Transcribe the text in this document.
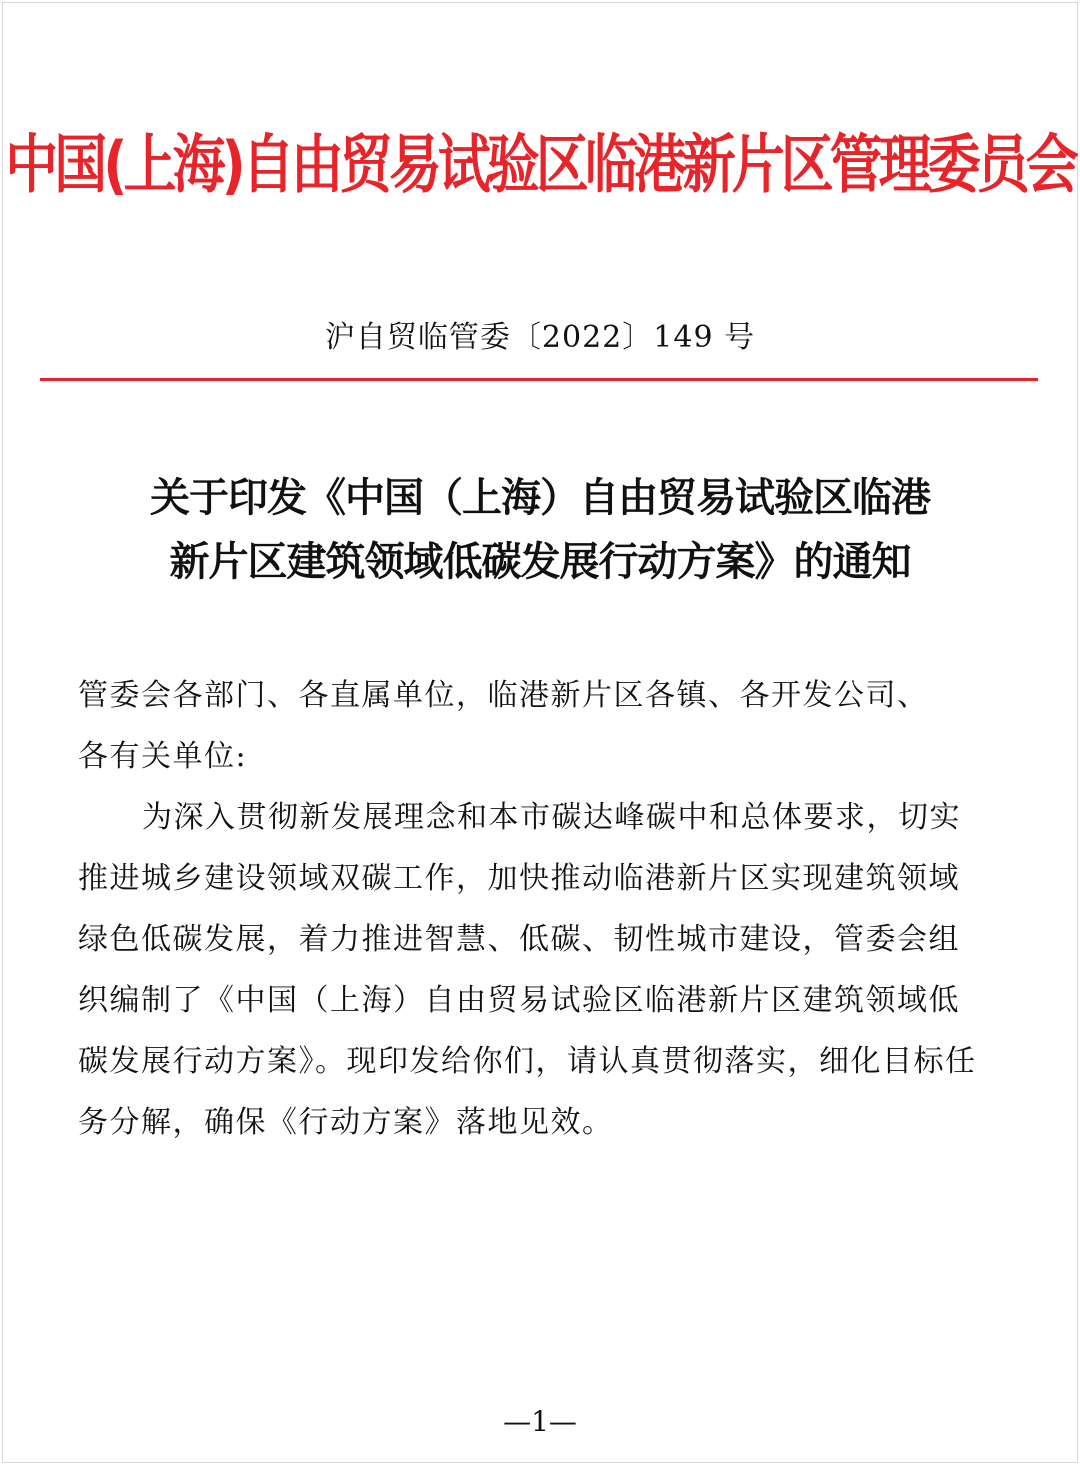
中国(上海)自由贸易试验区临港新片区管理委员会
沪自贸临管委〔2022〕149 号
关于印发《中国（上海）自由贸易试验区临港
新片区建筑领域低碳发展行动方案》的通知

管委会各部门、各直属单位，临港新片区各镇、各开发公司、
各有关单位:

为深入贯彻新发展理念和本市碳达峰碳中和总体要求，切实
推进城乡建设领域双碳工作，加快推动临港新片区实现建筑领域
绿色低碳发展，着力推进智慧、低碳、韧性城市建设，管委会组
织编制了《中国（上海）自由贸易试验区临港新片区建筑领域低
碳发展行动方案》。现印发给你们，请认真贯彻落实，细化目标任
务分解，确保《行动方案》落地见效。

—1—
